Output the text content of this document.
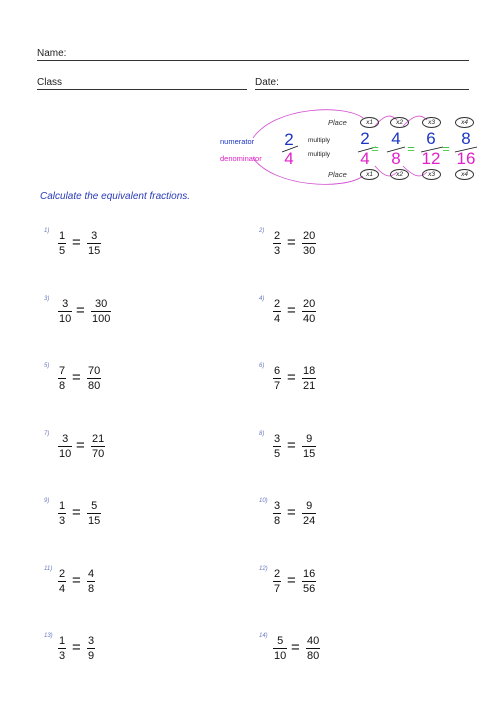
Name:
Class	Date:
Place	x1	x2	x3	x4
numerator
denominator
2
4
multiply
multiply
2
4
=
4
8
=
6
12
=
8
16
Place	x1	x2	x3	x4
Calculate the equivalent fractions.
1) 1
5 = 3
15
2) 2
3 = 20
30
3) 3
10 = 30
100
4) 2
4 = 20
40
5) 7
8 = 70
80
6) 6
7 = 18
21
7) 3
10 = 21
70
8) 3
5 = 9
15
9) 1
3 = 5
15
10) 3
8 = 9
24
11) 2
4 = 4
8
12) 2
7 = 16
56
13) 1
3 = 3
9
14) 5
10 = 40
80
